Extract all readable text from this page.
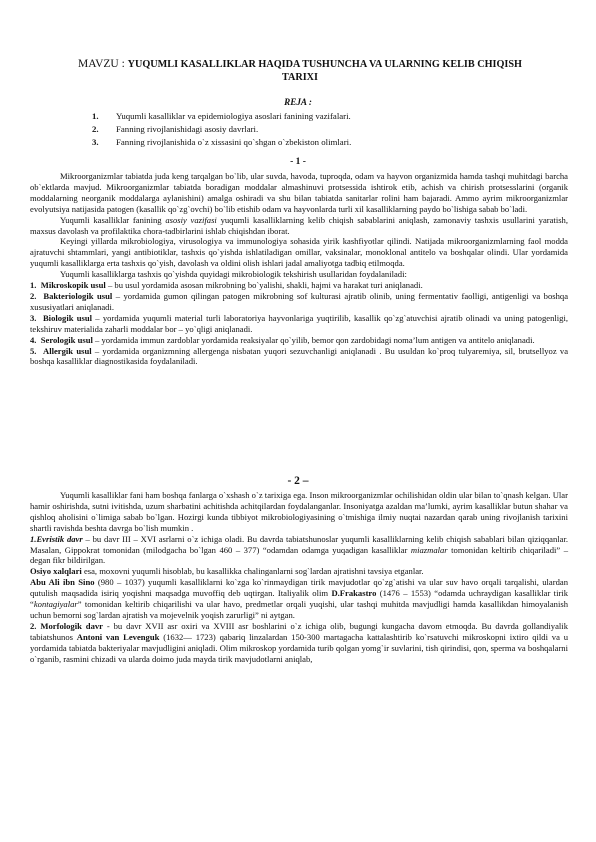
MAVZU : YUQUMLI KASALLIKLAR HAQIDA TUSHUNCHA VA ULARNING KELIB CHIQISH TARIXI
REJA :
1. Yuqumli kasalliklar va epidemiologiya asoslari fanining vazifalari.
2. Fanning rivojlanishidagi asosiy davrlari.
3. Fanning rivojlanishida o`z xissasini qo`shgan o`zbekiston olimlari.
- 1 -

Mikroorganizmlar tabiatda juda keng tarqalgan bo`lib, ular suvda, havoda, tuproqda, odam va hayvon organizmida hamda tashqi muhitdagi barcha ob`ektlarda mavjud. Mikroorganizmlar tabiatda boradigan moddalar almashinuvi protsessida ishtirok etib, achish va chirish protsesslarini (organik moddalarning neorganik moddalarga aylanishini) amalga oshiradi va shu bilan tabiatda sanitarlar rolini ham bajaradi. Ammo ayrim mikroorganizmlar evolyutsiya natijasida patogen (kasallik qo`zg`ovchi) bo`lib etishib odam va hayvonlarda turli xil kasalliklarning paydo bo`lishiga sabab bo`ladi.

Yuqumli kasalliklar fanining asosiy vazifasi yuqumli kasalliklarning kelib chiqish sabablarini aniqlash, zamonaviy tashxis usullarini yaratish, maxsus davolash va profilaktika chora-tadbirlarini ishlab chiqishdan iborat.

Keyingi yillarda mikrobiologiya, virusologiya va immunologiya sohasida yirik kashfiyotlar qilindi. Natijada mikroorganizmlarning faol modda ajratuvchi shtammlari, yangi antibiotiklar, tashxis qo`yishda ishlatiladigan omillar, vaksinalar, monoklonal antitelo va boshqalar olindi. Ular yordamida yuqumli kasalliklarga erta tashxis qo`yish, davolash va oldini olish ishlari jadal amaliyotga tadbiq etilmoqda.

Yuqumli kasalliklarga tashxis qo`yishda quyidagi mikrobiologik tekshirish usullaridan foydalaniladi:

1. Mikroskopik usul – bu usul yordamida asosan mikrobning bo`yalishi, shakli, hajmi va harakat turi aniqlanadi.

2. Bakteriologik usul – yordamida gumon qilingan patogen mikrobning sof kulturasi ajratib olinib, uning fermentativ faolligi, antigenligi va boshqa xususiyatlari aniqlanadi.

3. Biologik usul – yordamida yuqumli material turli laboratoriya hayvonlariga yuqtirilib, kasallik qo`zg`atuvchisi ajratib olinadi va uning patogenligi, tekshiruv materialida zaharli moddalar bor – yo`qligi aniqlanadi.

4. Serologik usul – yordamida immun zardoblar yordamida reaksiyalar qo`yilib, bemor qon zardobidagi noma’lum antigen va antitelo aniqlanadi.

5. Allergik usul – yordamida organizmning allergenga nisbatan yuqori sezuvchanligi aniqlanadi . Bu usuldan ko`proq tulyaremiya, sil, brutsellyoz va boshqa kasalliklar diagnostikasida foydalaniladi.

- 2 –

Yuqumli kasalliklar fani ham boshqa fanlarga o`xshash o`z tarixiga ega. Inson mikroorganizmlar ochilishidan oldin ular bilan to`qnash kelgan. Ular hamir oshirishda, sutni ivitishda, uzum sharbatini achitishda achitqilardan foydalanganlar. Insoniyatga azaldan ma’lumki, ayrim kasalliklar butun shahar va qishloq aholisini o`limiga sabab bo`lgan. Hozirgi kunda tibbiyot mikrobiologiyasining o`tmishiga ilmiy nuqtai nazardan qarab uning rivojlanish tarixini shartli ravishda beshta davrga bo`lish mumkin .

1.Evristik davr – bu davr III – XVI asrlarni o`z ichiga oladi. Bu davrda tabiatshunoslar yuqumli kasalliklarning kelib chiqish sabablari bilan qiziqqanlar. Masalan, Gippokrat tomonidan (milodgacha bo`lgan 460 – 377) “odamdan odamga yuqadigan kasalliklar miazmalar tomonidan keltirib chiqariladi” – degan fikr bildirilgan.

Osiyo xalqlari esa, moxovni yuqumli hisoblab, bu kasallikka chalinganlarni sog`lardan ajratishni tavsiya etganlar.

Abu Ali ibn Sino (980 – 1037) yuqumli kasalliklarni ko`zga ko`rinmaydigan tirik mavjudotlar qo`zg`atishi va ular suv havo orqali tarqalishi, ulardan qutulish maqsadida isiriq yoqishni maqsadga muvoffiq deb uqtirgan. Italiyalik olim D.Frakastro (1476 – 1553) “odamda uchraydigan kasalliklar tirik “kontagiyalar” tomonidan keltirib chiqarilishi va ular havo, predmetlar orqali yuqishi, ular tashqi muhitda mavjudligi hamda kasallikdan himoyalanish uchun bemorni sog`lardan ajratish va mojevelnik yoqish zarurligi” ni aytgan.

2. Morfologik davr - bu davr XVII asr oxiri va XVIII asr boshlarini o`z ichiga olib, bugungi kungacha davom etmoqda. Bu davrda gollandiyalik tabiatshunos Antoni van Levenguk (1632— 1723) qabariq linzalardan 150-300 martagacha kattalashtirib ko`rsatuvchi mikroskopni ixtiro qildi va u yordamida tabiatda bakteriyalar mavjudligini aniqladi. Olim mikroskop yordamida turib qolgan yomg`ir suvlarini, tish qirindisi, qon, sperma va boshqalarni o`rganib, rasmini chizadi va ularda doimo juda mayda tirik mavjudotlarni aniqlab,
